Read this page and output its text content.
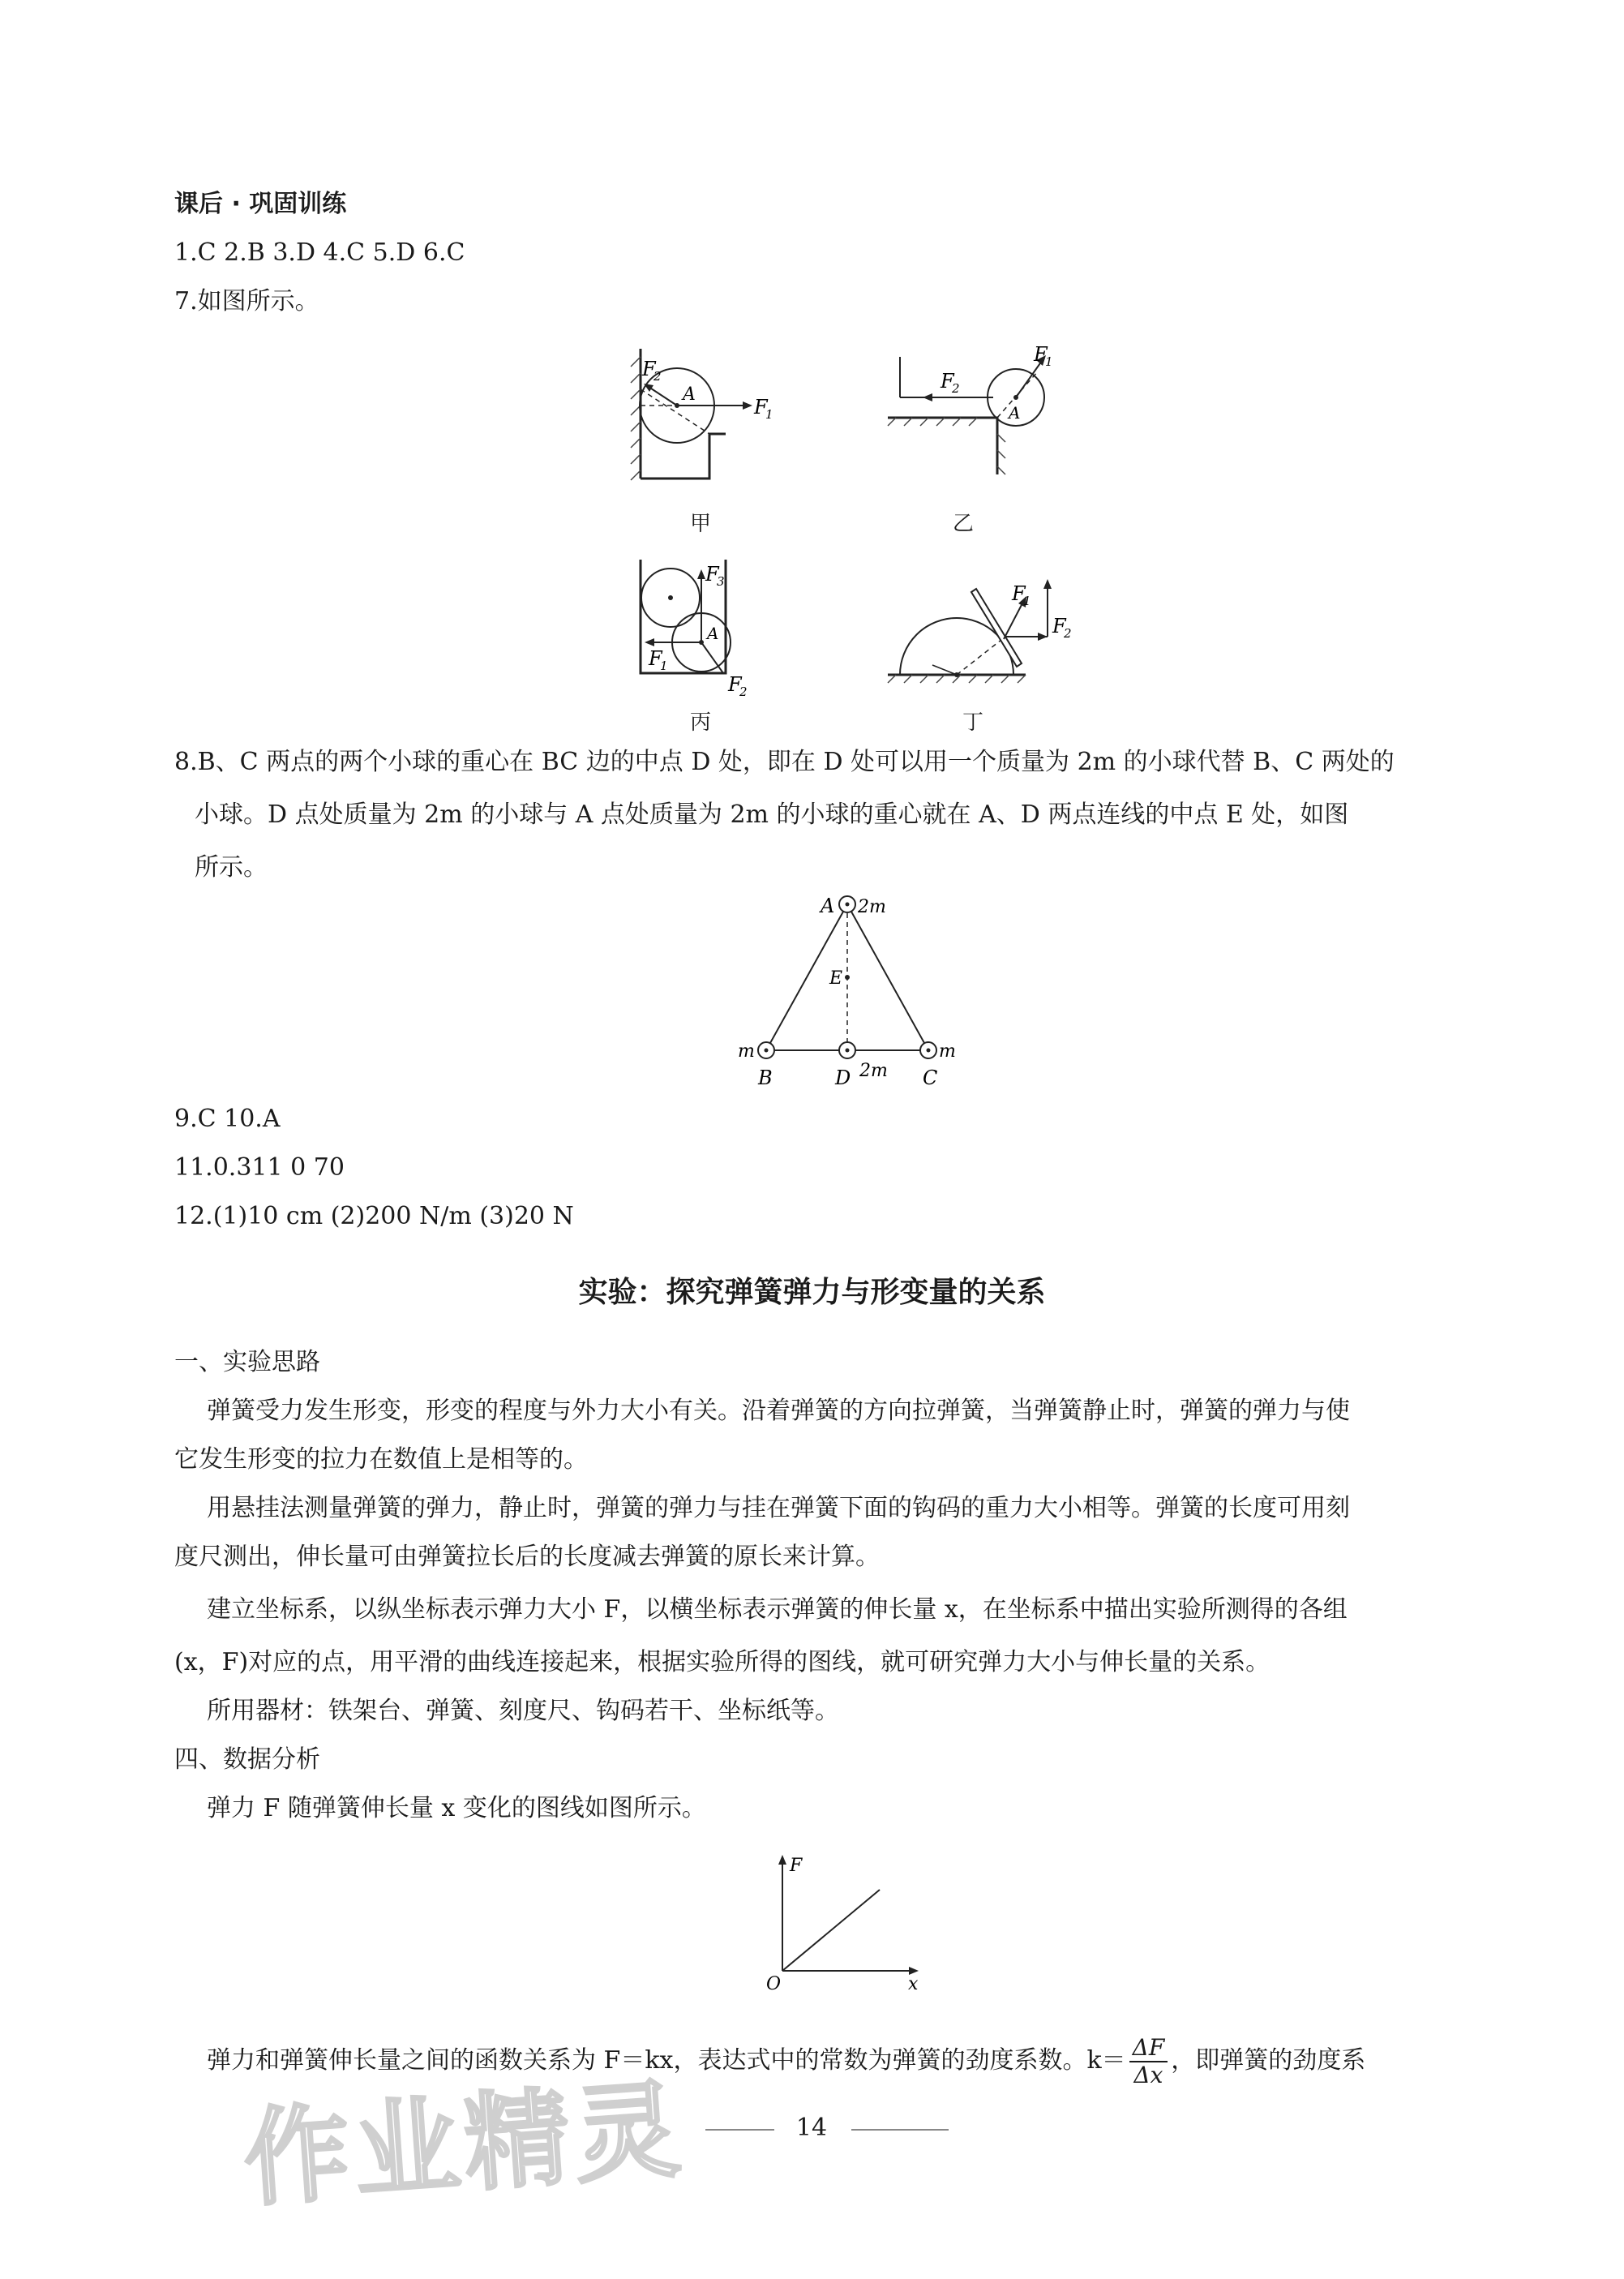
课后 · 巩固训练
1.C 2.B 3.D 4.C 5.D 6.C
7.如图所示。
F
2
A
F
1
甲
F
1
F
2
A
乙
F
3
F
1
F
2
A
丙
F
1
F
2
丁
8.B、C 两点的两个小球的重心在 BC 边的中点 D 处，即在 D 处可以用一个质量为 2m 的小球代替 B、C 两处的
小球。D 点处质量为 2m 的小球与 A 点处质量为 2m 的小球的重心就在 A、D 两点连线的中点 E 处，如图
所示。
A 2m
E
m	m
B	D 2m C
9.C 10.A
11.0.311 0 70
12.(1)10 cm (2)200 N/m (3)20 N
实验：探究弹簧弹力与形变量的关系
一、实验思路
弹簧受力发生形变，形变的程度与外力大小有关。沿着弹簧的方向拉弹簧，当弹簧静止时，弹簧的弹力与使
它发生形变的拉力在数值上是相等的。
用悬挂法测量弹簧的弹力，静止时，弹簧的弹力与挂在弹簧下面的钩码的重力大小相等。弹簧的长度可用刻
度尺测出，伸长量可由弹簧拉长后的长度减去弹簧的原长来计算。
建立坐标系，以纵坐标表示弹力大小 F，以横坐标表示弹簧的伸长量 x，在坐标系中描出实验所测得的各组
(x，F)对应的点，用平滑的曲线连接起来，根据实验所得的图线，就可研究弹力大小与伸长量的关系。
所用器材：铁架台、弹簧、刻度尺、钩码若干、坐标纸等。
四、数据分析
弹力 F 随弹簧伸长量 x 变化的图线如图所示。
F
x
O
弹力和弹簧伸长量之间的函数关系为 F＝kx，表达式中的常数为弹簧的劲度系数。$k= \frac{\Delta F}{\Delta x}$ ，即弹簧的劲度系
作业精灵	14
